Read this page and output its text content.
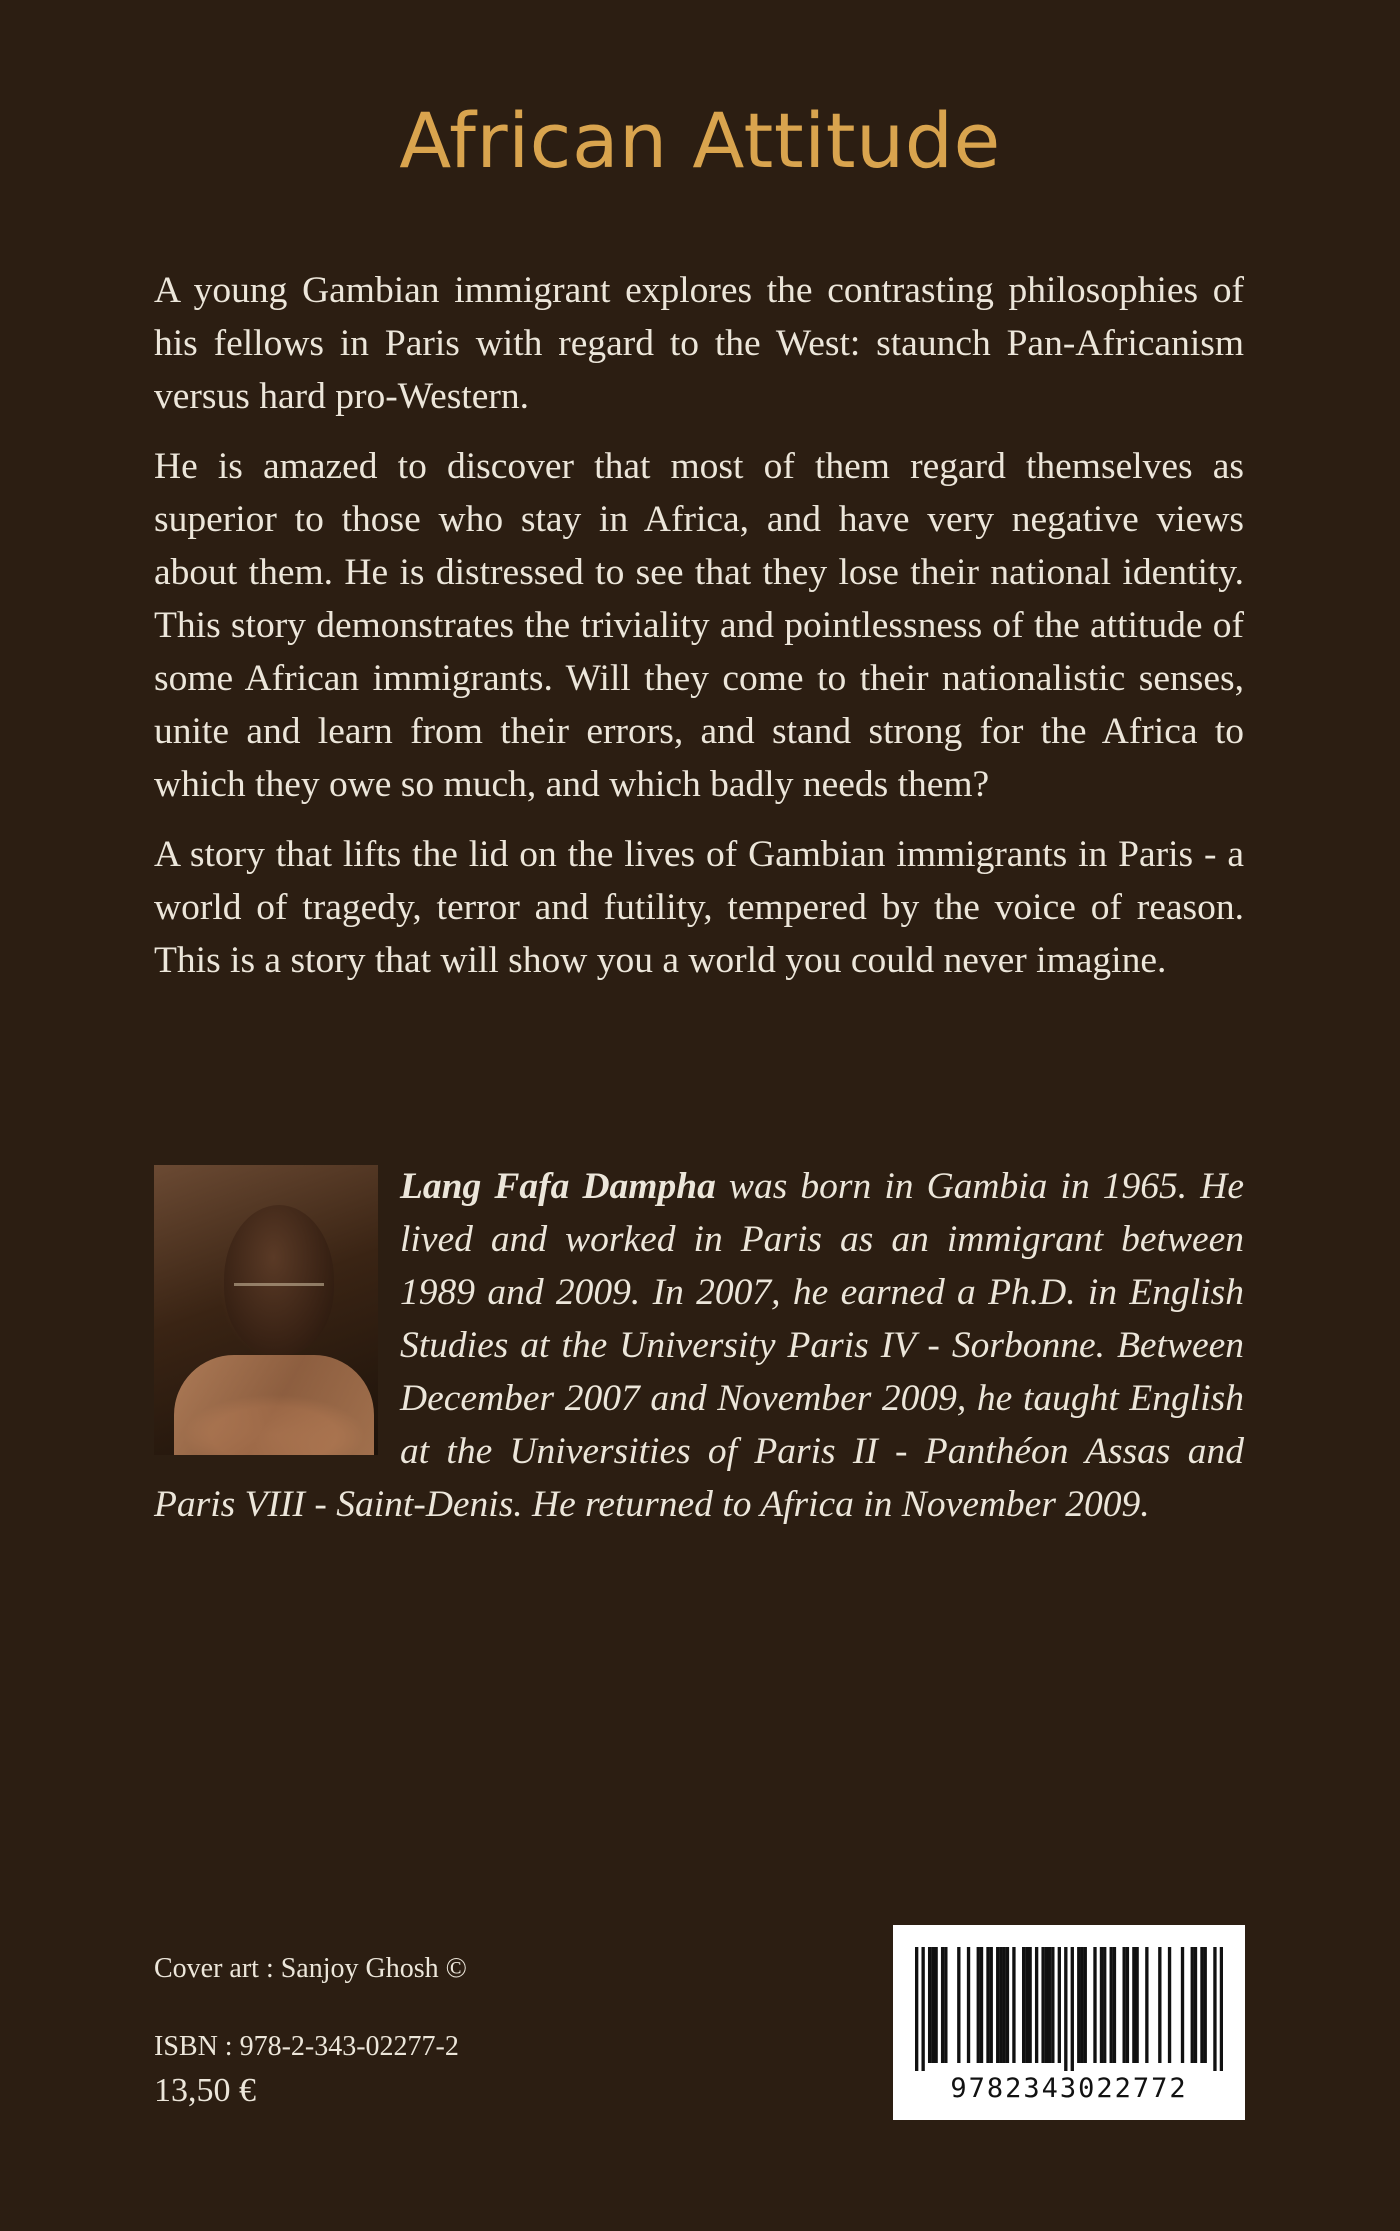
African Attitude

A young Gambian immigrant explores the contrasting philosophies of his fellows in Paris with regard to the West: staunch Pan-Africanism versus hard pro-Western.

He is amazed to discover that most of them regard themselves as superior to those who stay in Africa, and have very negative views about them. He is distressed to see that they lose their national identity. This story demonstrates the triviality and pointlessness of the attitude of some African immigrants. Will they come to their nationalistic senses, unite and learn from their errors, and stand strong for the Africa to which they owe so much, and which badly needs them?

A story that lifts the lid on the lives of Gambian immigrants in Paris - a world of tragedy, terror and futility, tempered by the voice of reason. This is a story that will show you a world you could never imagine.

Lang Fafa Dampha was born in Gambia in 1965. He lived and worked in Paris as an immigrant between 1989 and 2009. In 2007, he earned a Ph.D. in English Studies at the University Paris IV - Sorbonne. Between December 2007 and November 2009, he taught English at the Universities of Paris II - Panthéon Assas and Paris VIII - Saint-Denis. He returned to Africa in November 2009.
Cover art : Sanjoy Ghosh ©
ISBN : 978-2-343-02277-2
13,50 €	9782343022772
